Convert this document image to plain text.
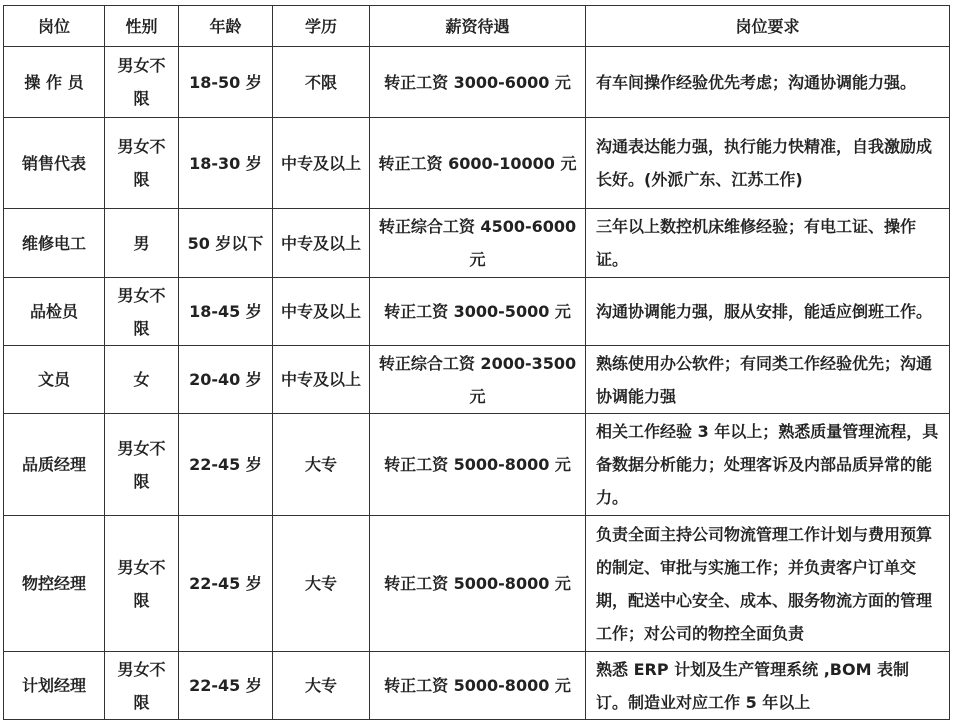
岗位	性别	年龄	学历	薪资待遇	岗位要求
操 作 员	男女不限	18-50 岁	不限	转正工资 3000-6000 元	有车间操作经验优先考虑；沟通协调能力强。
销售代表	男女不限	18-30 岁	中专及以上	转正工资 6000-10000 元	沟通表达能力强，执行能力快精准，自我激励成长好。(外派广东、江苏工作)
维修电工	男	50 岁以下	中专及以上	转正综合工资 4500-6000 元	三年以上数控机床维修经验；有电工证、操作证。
品检员	男女不限	18-45 岁	中专及以上	转正工资 3000-5000 元	沟通协调能力强，服从安排，能适应倒班工作。
文员	女	20-40 岁	中专及以上	转正综合工资 2000-3500 元	熟练使用办公软件；有同类工作经验优先；沟通协调能力强
品质经理	男女不限	22-45 岁	大专	转正工资 5000-8000 元	相关工作经验 3 年以上；熟悉质量管理流程，具备数据分析能力；处理客诉及内部品质异常的能力。
物控经理	男女不限	22-45 岁	大专	转正工资 5000-8000 元	负责全面主持公司物流管理工作计划与费用预算的制定、审批与实施工作；并负责客户订单交期，配送中心安全、成本、服务物流方面的管理工作；对公司的物控全面负责
计划经理	男女不限	22-45 岁	大专	转正工资 5000-8000 元	熟悉 ERP 计划及生产管理系统 ,BOM 表制订。制造业对应工作 5 年以上
